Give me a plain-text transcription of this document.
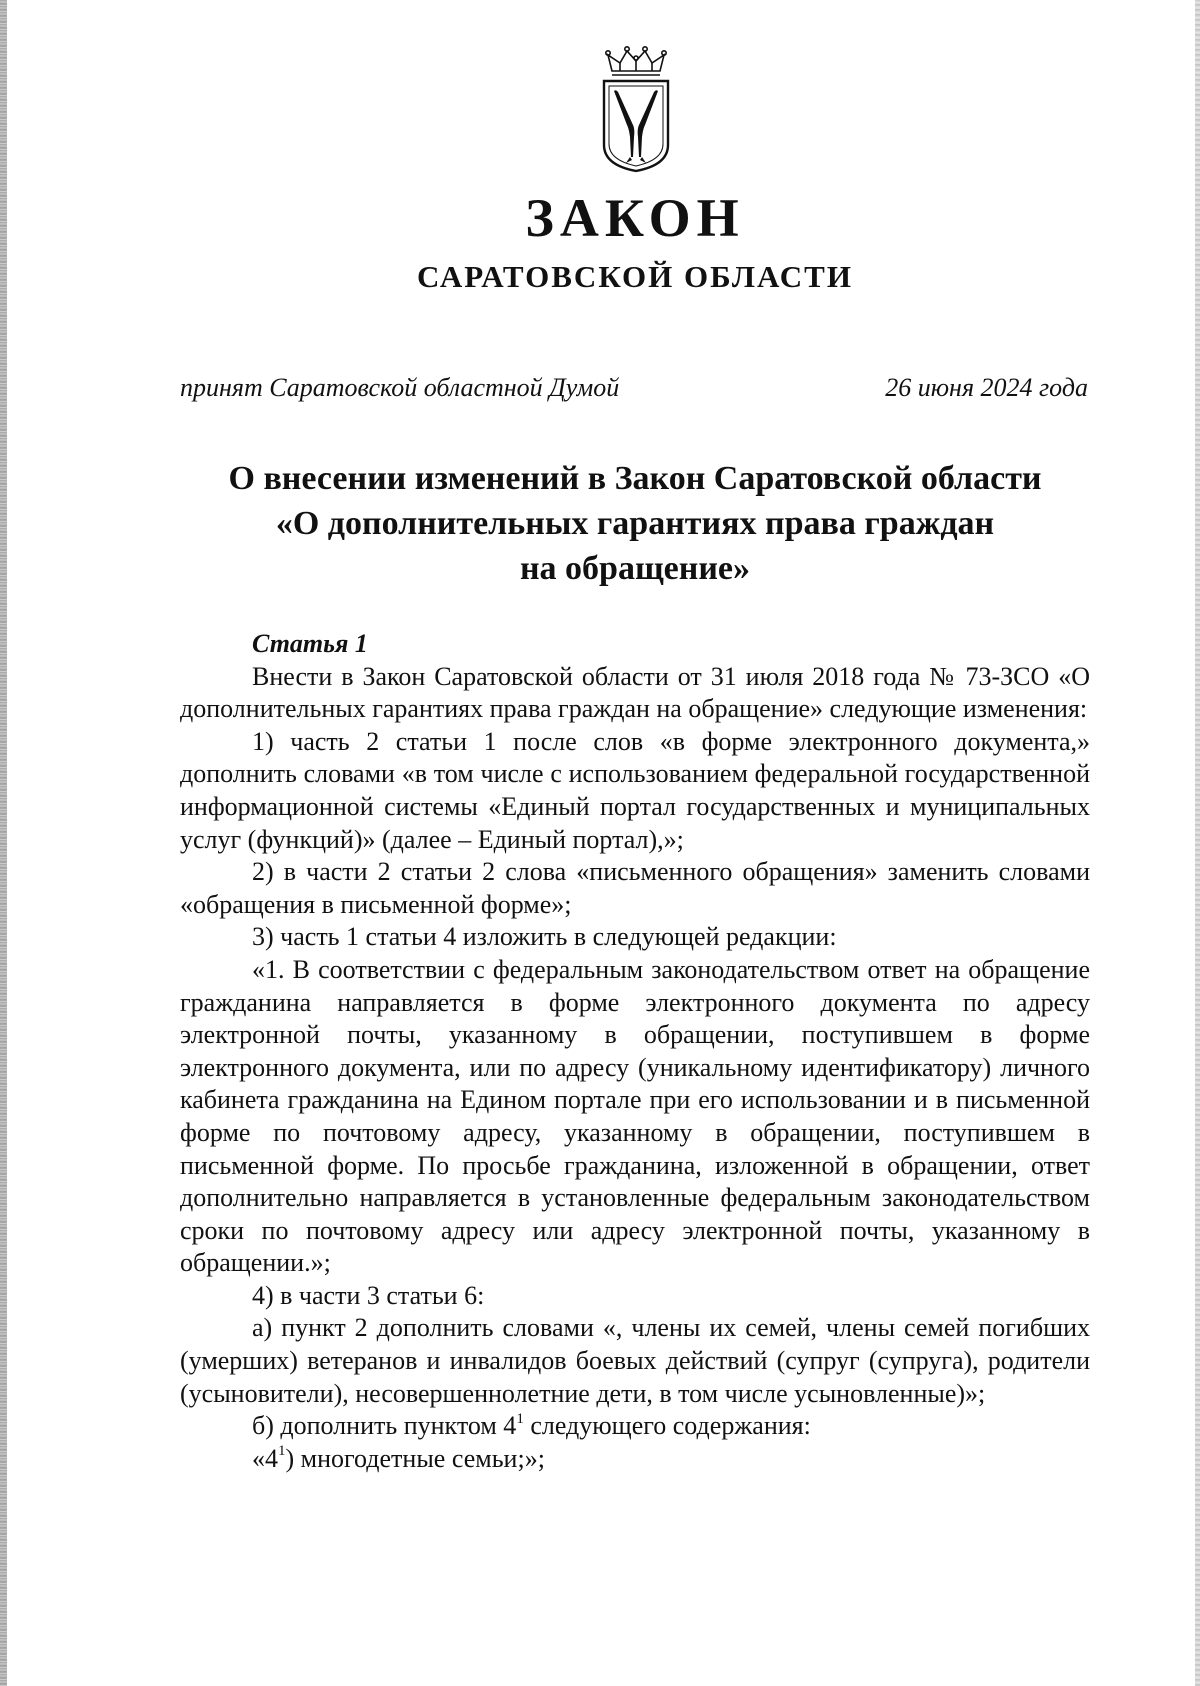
ЗАКОН
САРАТОВСКОЙ ОБЛАСТИ
принят Саратовской областной Думой	26 июня 2024 года
О внесении изменений в Закон Саратовской области
«О дополнительных гарантиях права граждан
на обращение»
Статья 1

Внести в Закон Саратовской области от 31 июля 2018 года № 73-ЗСО «О дополнительных гарантиях права граждан на обращение» следующие изменения:

1) часть 2 статьи 1 после слов «в форме электронного документа,» дополнить словами «в том числе с использованием федеральной государственной информационной системы «Единый портал государственных и муниципальных услуг (функций)» (далее – Единый портал),»;

2) в части 2 статьи 2 слова «письменного обращения» заменить словами «обращения в письменной форме»;

3) часть 1 статьи 4 изложить в следующей редакции:

«1. В соответствии с федеральным законодательством ответ на обращение гражданина направляется в форме электронного документа по адресу электронной почты, указанному в обращении, поступившем в форме электронного документа, или по адресу (уникальному идентификатору) личного кабинета гражданина на Едином портале при его использовании и в письменной форме по почтовому адресу, указанному в обращении, поступившем в письменной форме. По просьбе гражданина, изложенной в обращении, ответ дополнительно направляется в установленные федеральным законодательством сроки по почтовому адресу или адресу электронной почты, указанному в обращении.»;

4) в части 3 статьи 6:

а) пункт 2 дополнить словами «, члены их семей, члены семей погибших (умерших) ветеранов и инвалидов боевых действий (супруг (супруга), родители (усыновители), несовершеннолетние дети, в том числе усыновленные)»;

б) дополнить пунктом $4^1$ следующего содержания:

«$4^1$) многодетные семьи;»;
